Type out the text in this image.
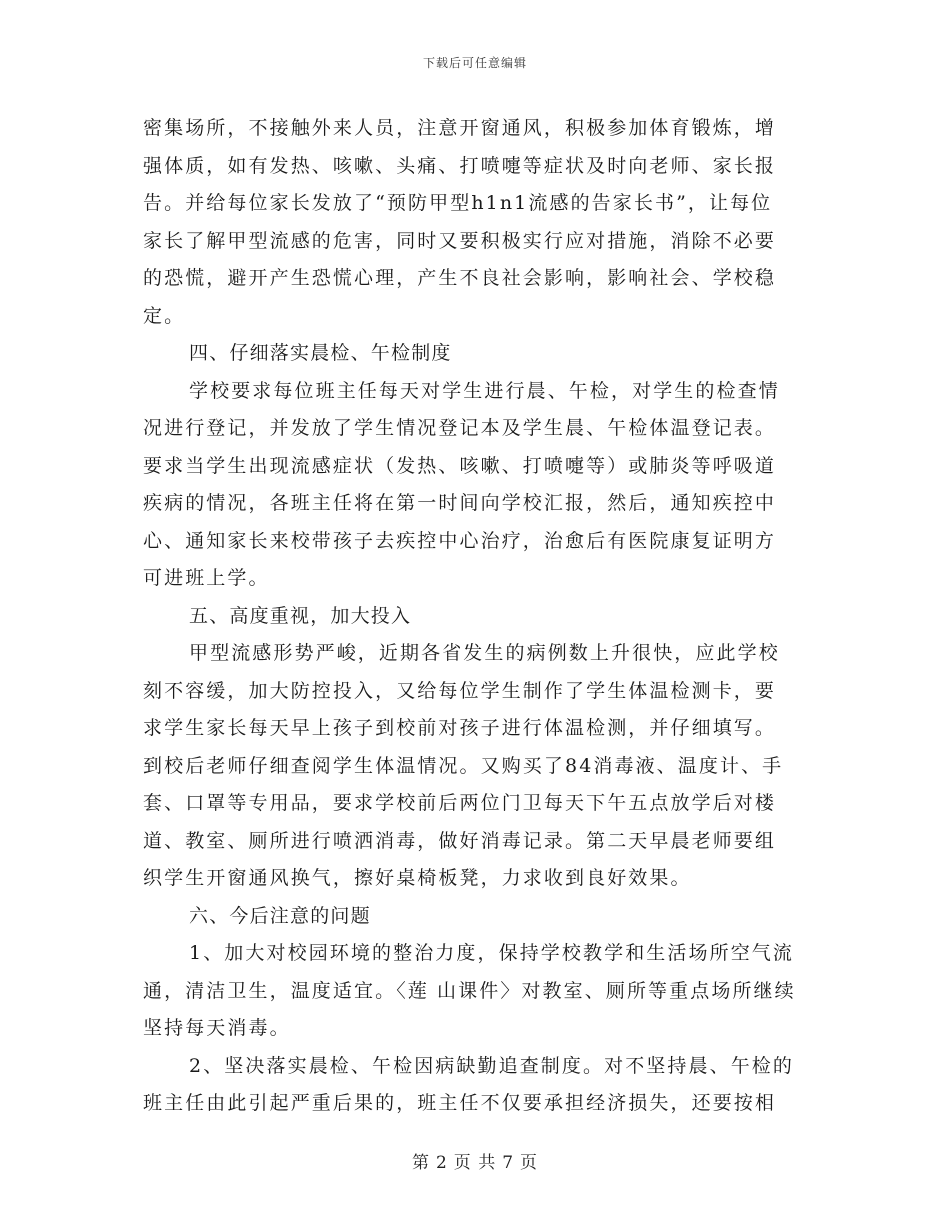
下载后可任意编辑
密集场所，不接触外来人员，注意开窗通风，积极参加体育锻炼，增
强体质，如有发热、咳嗽、头痛、打喷嚏等症状及时向老师、家长报
告。并给每位家长发放了“预防甲型h1n1流感的告家长书”，让每位
家长了解甲型流感的危害，同时又要积极实行应对措施，消除不必要
的恐慌，避开产生恐慌心理，产生不良社会影响，影响社会、学校稳
定。
四、仔细落实晨检、午检制度
学校要求每位班主任每天对学生进行晨、午检，对学生的检查情
况进行登记，并发放了学生情况登记本及学生晨、午检体温登记表。
要求当学生出现流感症状（发热、咳嗽、打喷嚏等）或肺炎等呼吸道
疾病的情况，各班主任将在第一时间向学校汇报，然后，通知疾控中
心、通知家长来校带孩子去疾控中心治疗，治愈后有医院康复证明方
可进班上学。
五、高度重视，加大投入
甲型流感形势严峻，近期各省发生的病例数上升很快，应此学校
刻不容缓，加大防控投入，又给每位学生制作了学生体温检测卡，要
求学生家长每天早上孩子到校前对孩子进行体温检测，并仔细填写。
到校后老师仔细查阅学生体温情况。又购买了84消毒液、温度计、手
套、口罩等专用品，要求学校前后两位门卫每天下午五点放学后对楼
道、教室、厕所进行喷洒消毒，做好消毒记录。第二天早晨老师要组
织学生开窗通风换气，擦好桌椅板凳，力求收到良好效果。
六、今后注意的问题
1、加大对校园环境的整治力度，保持学校教学和生活场所空气流
通，清洁卫生，温度适宜。〈莲 山课件〉对教室、厕所等重点场所继续
坚持每天消毒。
2、坚决落实晨检、午检因病缺勤追查制度。对不坚持晨、午检的
班主任由此引起严重后果的，班主任不仅要承担经济损失，还要按相
第 2 页 共 7 页
